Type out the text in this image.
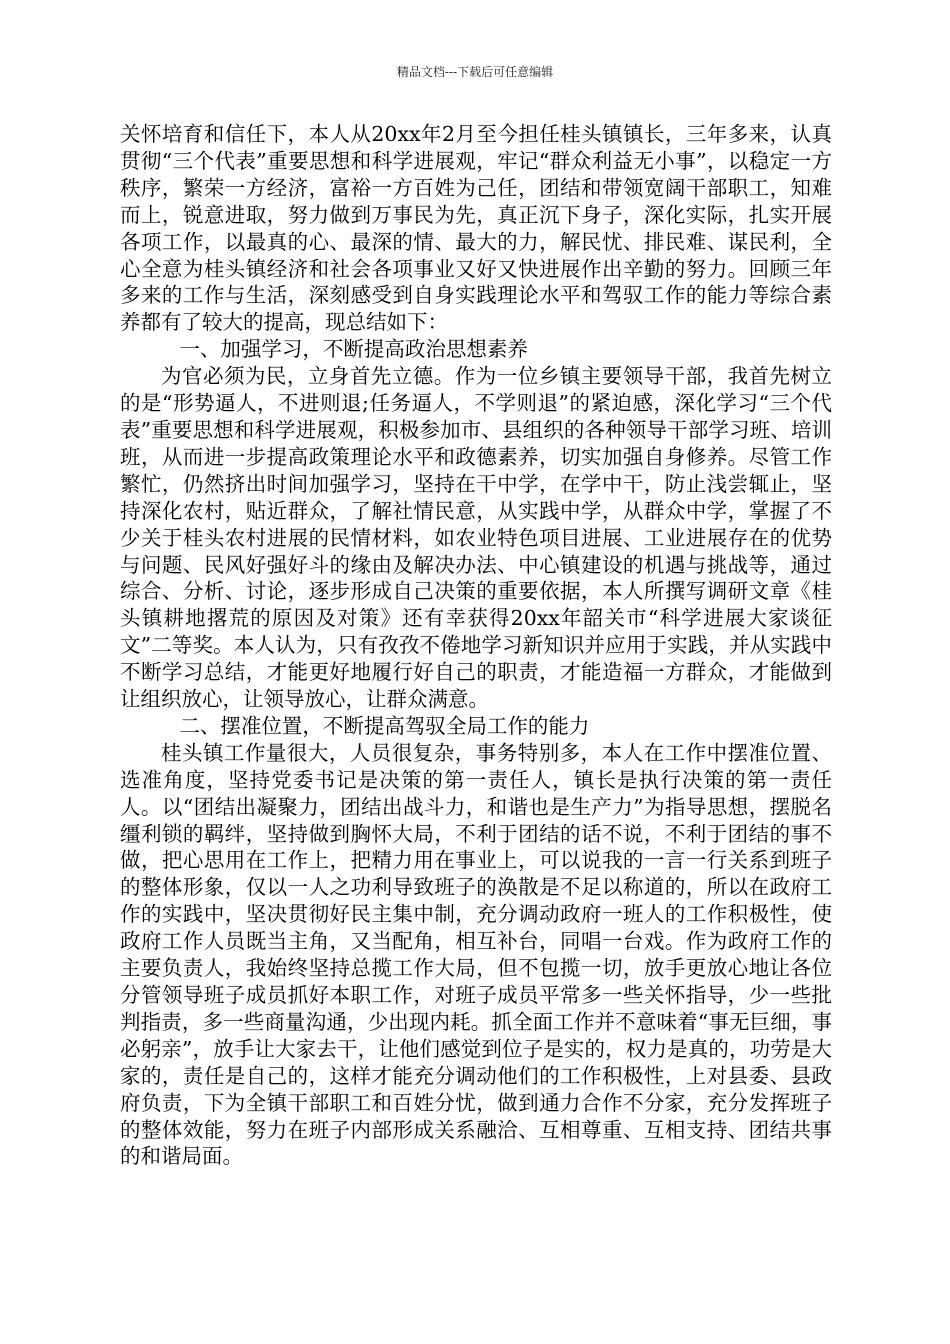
精品文档---下载后可任意编辑

关怀培育和信任下，本人从20xx年2月至今担任桂头镇镇长，三年多来，认真贯彻“三个代表”重要思想和科学进展观，牢记“群众利益无小事”，以稳定一方秩序，繁荣一方经济，富裕一方百姓为己任，团结和带领宽阔干部职工，知难而上，锐意进取，努力做到万事民为先，真正沉下身子，深化实际，扎实开展各项工作，以最真的心、最深的情、最大的力，解民忧、排民难、谋民利，全心全意为桂头镇经济和社会各项事业又好又快进展作出辛勤的努力。回顾三年多来的工作与生活，深刻感受到自身实践理论水平和驾驭工作的能力等综合素养都有了较大的提高，现总结如下：

一、加强学习，不断提高政治思想素养

为官必须为民，立身首先立德。作为一位乡镇主要领导干部，我首先树立的是“形势逼人，不进则退;任务逼人，不学则退”的紧迫感，深化学习“三个代表”重要思想和科学进展观，积极参加市、县组织的各种领导干部学习班、培训班，从而进一步提高政策理论水平和政德素养，切实加强自身修养。尽管工作繁忙，仍然挤出时间加强学习，坚持在干中学，在学中干，防止浅尝辄止，坚持深化农村，贴近群众，了解社情民意，从实践中学，从群众中学，掌握了不少关于桂头农村进展的民情材料，如农业特色项目进展、工业进展存在的优势与问题、民风好强好斗的缘由及解决办法、中心镇建设的机遇与挑战等，通过综合、分析、讨论，逐步形成自己决策的重要依据，本人所撰写调研文章《桂头镇耕地撂荒的原因及对策》还有幸获得20xx年韶关市“科学进展大家谈征文”二等奖。本人认为，只有孜孜不倦地学习新知识并应用于实践，并从实践中不断学习总结，才能更好地履行好自己的职责，才能造福一方群众，才能做到让组织放心，让领导放心，让群众满意。

二、摆准位置，不断提高驾驭全局工作的能力

桂头镇工作量很大，人员很复杂，事务特别多，本人在工作中摆准位置、选准角度，坚持党委书记是决策的第一责任人，镇长是执行决策的第一责任人。以“团结出凝聚力，团结出战斗力，和谐也是生产力”为指导思想，摆脱名缰利锁的羁绊，坚持做到胸怀大局，不利于团结的话不说，不利于团结的事不做，把心思用在工作上，把精力用在事业上，可以说我的一言一行关系到班子的整体形象，仅以一人之功利导致班子的涣散是不足以称道的，所以在政府工作的实践中，坚决贯彻好民主集中制，充分调动政府一班人的工作积极性，使政府工作人员既当主角，又当配角，相互补台，同唱一台戏。作为政府工作的主要负责人，我始终坚持总揽工作大局，但不包揽一切，放手更放心地让各位分管领导班子成员抓好本职工作，对班子成员平常多一些关怀指导，少一些批判指责，多一些商量沟通，少出现内耗。抓全面工作并不意味着“事无巨细，事必躬亲”，放手让大家去干，让他们感觉到位子是实的，权力是真的，功劳是大家的，责任是自己的，这样才能充分调动他们的工作积极性，上对县委、县政府负责，下为全镇干部职工和百姓分忧，做到通力合作不分家，充分发挥班子的整体效能，努力在班子内部形成关系融洽、互相尊重、互相支持、团结共事的和谐局面。
